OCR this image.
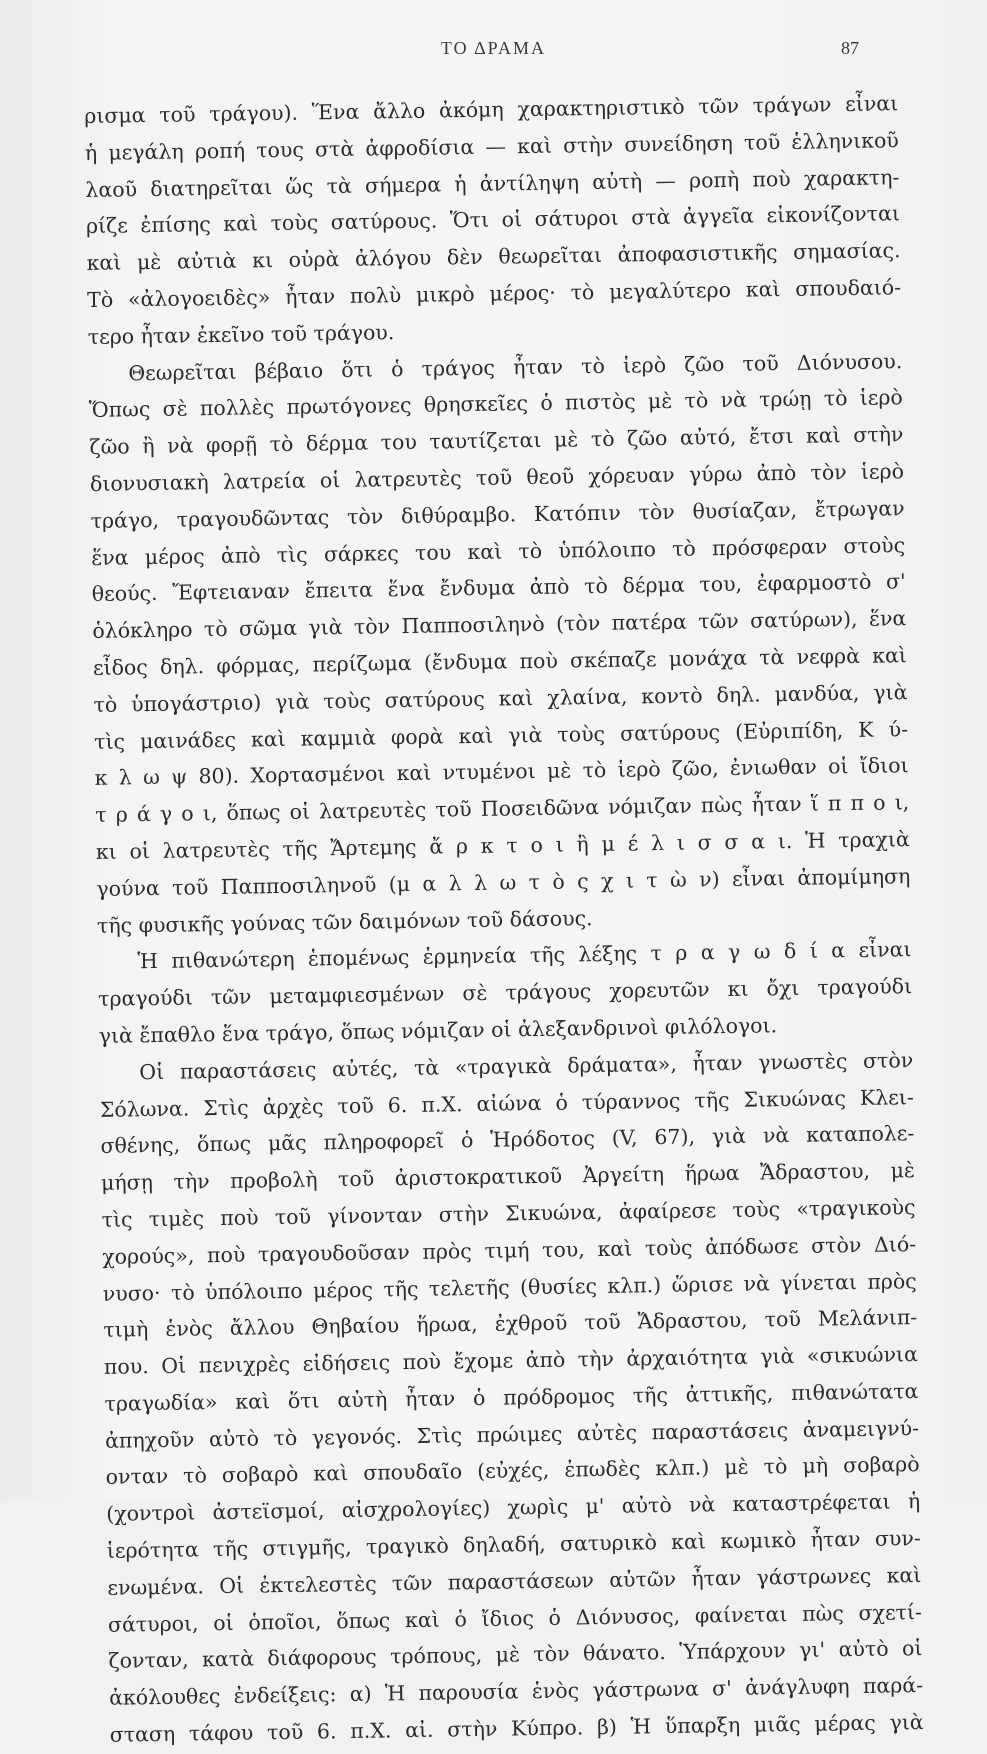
ΤΟ ΔΡΑΜΑ	87
ρισμα τοῦ τράγου). Ἕνα ἄλλο ἀκόμη χαρακτηριστικὸ τῶν τράγων εἶναι
ἡ μεγάλη ροπή τους στὰ ἀφροδίσια — καὶ στὴν συνείδηση τοῦ ἑλληνικοῦ
λαοῦ διατηρεῖται ὥς τὰ σήμερα ἡ ἀντίληψη αὐτὴ — ροπὴ ποὺ χαρακτη-
ρίζε ἐπίσης καὶ τοὺς σατύρους. Ὅτι οἱ σάτυροι στὰ ἀγγεῖα εἰκονίζονται
καὶ μὲ αὐτιὰ κι οὐρὰ ἀλόγου δὲν θεωρεῖται ἀποφασιστικῆς σημασίας.
Τὸ «ἀλογοειδὲς» ἦταν πολὺ μικρὸ μέρος· τὸ μεγαλύτερο καὶ σπουδαιό-
τερο ἦταν ἐκεῖνο τοῦ τράγου.
Θεωρεῖται βέβαιο ὅτι ὁ τράγος ἦταν τὸ ἱερὸ ζῶο τοῦ Διόνυσου.
Ὅπως σὲ πολλὲς πρωτόγονες θρησκεῖες ὁ πιστὸς μὲ τὸ νὰ τρώῃ τὸ ἱερὸ
ζῶο ἢ νὰ φορῇ τὸ δέρμα του ταυτίζεται μὲ τὸ ζῶο αὐτό, ἔτσι καὶ στὴν
διονυσιακὴ λατρεία οἱ λατρευτὲς τοῦ θεοῦ χόρευαν γύρω ἀπὸ τὸν ἱερὸ
τράγο, τραγουδῶντας τὸν διθύραμβο. Κατόπιν τὸν θυσίαζαν, ἔτρωγαν
ἕνα μέρος ἀπὸ τὶς σάρκες του καὶ τὸ ὑπόλοιπο τὸ πρόσφεραν στοὺς
θεούς. Ἔφτειαναν ἔπειτα ἕνα ἔνδυμα ἀπὸ τὸ δέρμα του, ἐφαρμοστὸ σ'
ὁλόκληρο τὸ σῶμα γιὰ τὸν Παπποσιληνὸ (τὸν πατέρα τῶν σατύρων), ἕνα
εἶδος δηλ. φόρμας, περίζωμα (ἔνδυμα ποὺ σκέπαζε μονάχα τὰ νεφρὰ καὶ
τὸ ὑπογάστριο) γιὰ τοὺς σατύρους καὶ χλαίνα, κοντὸ δηλ. μανδύα, γιὰ
τὶς μαινάδες καὶ καμμιὰ φορὰ καὶ γιὰ τοὺς σατύρους (Εὐριπίδη, Κ ύ-
κ λ ω ψ 80). Χορτασμένοι καὶ ντυμένοι μὲ τὸ ἱερὸ ζῶο, ἐνιωθαν οἱ ἴδιοι
τ ρ ά γ ο ι, ὅπως οἱ λατρευτὲς τοῦ Ποσειδῶνα νόμιζαν πὼς ἦταν ἵ π π ο ι,
κι οἱ λατρευτὲς τῆς Ἄρτεμης ἄ ρ κ τ ο ι ἢ μ έ λ ι σ σ α ι. Ἡ τραχιὰ
γούνα τοῦ Παπποσιληνοῦ (μ α λ λ ω τ ὸ ς χ ι τ ὼ ν) εἶναι ἀπομίμηση
τῆς φυσικῆς γούνας τῶν δαιμόνων τοῦ δάσους.
Ἡ πιθανώτερη ἑπομένως ἑρμηνεία τῆς λέξης τ ρ α γ ω δ ί α εἶναι
τραγούδι τῶν μεταμφιεσμένων σὲ τράγους χορευτῶν κι ὄχι τραγούδι
γιὰ ἔπαθλο ἕνα τράγο, ὅπως νόμιζαν οἱ ἀλεξανδρινοὶ φιλόλογοι.
Οἱ παραστάσεις αὐτές, τὰ «τραγικὰ δράματα», ἦταν γνωστὲς στὸν
Σόλωνα. Στὶς ἀρχὲς τοῦ 6. π.Χ. αἰώνα ὁ τύραννος τῆς Σικυώνας Κλει-
σθένης, ὅπως μᾶς πληροφορεῖ ὁ Ἡρόδοτος (V, 67), γιὰ νὰ καταπολε-
μήσῃ τὴν προβολὴ τοῦ ἀριστοκρατικοῦ Ἀργείτη ἥρωα Ἄδραστου, μὲ
τὶς τιμὲς ποὺ τοῦ γίνονταν στὴν Σικυώνα, ἀφαίρεσε τοὺς «τραγικοὺς
χορούς», ποὺ τραγουδοῦσαν πρὸς τιμή του, καὶ τοὺς ἀπόδωσε στὸν Διό-
νυσο· τὸ ὑπόλοιπο μέρος τῆς τελετῆς (θυσίες κλπ.) ὥρισε νὰ γίνεται πρὸς
τιμὴ ἑνὸς ἄλλου Θηβαίου ἥρωα, ἐχθροῦ τοῦ Ἄδραστου, τοῦ Μελάνιπ-
που. Οἱ πενιχρὲς εἰδήσεις ποὺ ἔχομε ἀπὸ τὴν ἀρχαιότητα γιὰ «σικυώνια
τραγωδία» καὶ ὅτι αὐτὴ ἦταν ὁ πρόδρομος τῆς ἀττικῆς, πιθανώτατα
ἀπηχοῦν αὐτὸ τὸ γεγονός. Στὶς πρώιμες αὐτὲς παραστάσεις ἀναμειγνύ-
ονταν τὸ σοβαρὸ καὶ σπουδαῖο (εὐχές, ἐπωδὲς κλπ.) μὲ τὸ μὴ σοβαρὸ
(χοντροὶ ἀστεϊσμοί, αἰσχρολογίες) χωρὶς μ' αὐτὸ νὰ καταστρέφεται ἡ
ἱερότητα τῆς στιγμῆς, τραγικὸ δηλαδή, σατυρικὸ καὶ κωμικὸ ἦταν συν-
ενωμένα. Οἱ ἐκτελεστὲς τῶν παραστάσεων αὐτῶν ἦταν γάστρωνες καὶ
σάτυροι, οἱ ὁποῖοι, ὅπως καὶ ὁ ἴδιος ὁ Διόνυσος, φαίνεται πὼς σχετί-
ζονταν, κατὰ διάφορους τρόπους, μὲ τὸν θάνατο. Ὑπάρχουν γι' αὐτὸ οἱ
ἀκόλουθες ἐνδείξεις: α) Ἡ παρουσία ἑνὸς γάστρωνα σ' ἀνάγλυφη παρά-
σταση τάφου τοῦ 6. π.Χ. αἰ. στὴν Κύπρο. β) Ἡ ὕπαρξη μιᾶς μέρας γιὰ
